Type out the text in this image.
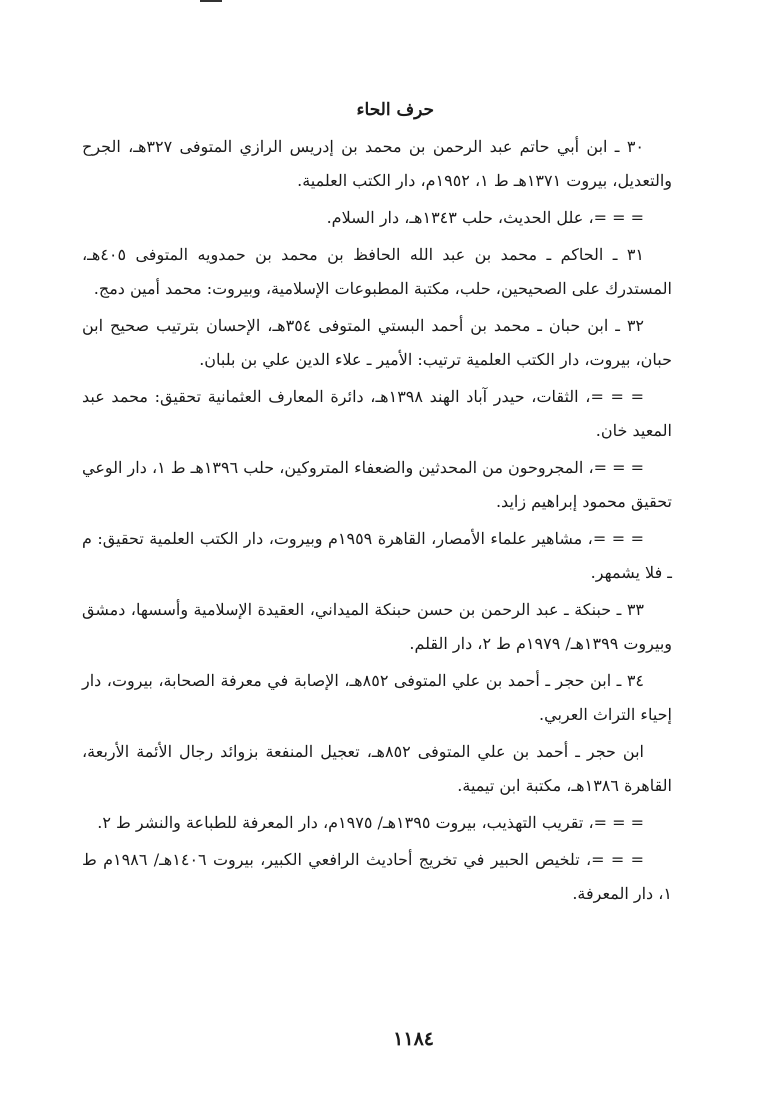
حرف الحاء

٣٠ ـ ابن أبي حاتم عبد الرحمن بن محمد بن إدريس الرازي المتوفى ٣٢٧هـ، الجرح والتعديل، بيروت ١٣٧١هـ ط ١، ١٩٥٢م، دار الكتب العلمية.

= = =، علل الحديث، حلب ١٣٤٣هـ، دار السلام.

٣١ ـ الحاكم ـ محمد بن عبد الله الحافظ بن محمد بن حمدويه المتوفى ٤٠٥هـ، المستدرك على الصحيحين، حلب، مكتبة المطبوعات الإسلامية، وبيروت: محمد أمين دمج.

٣٢ ـ ابن حبان ـ محمد بن أحمد البستي المتوفى ٣٥٤هـ، الإحسان بترتيب صحيح ابن حبان، بيروت، دار الكتب العلمية ترتيب: الأمير ـ علاء الدين علي بن بلبان.

= = =، الثقات، حيدر آباد الهند ١٣٩٨هـ، دائرة المعارف العثمانية تحقيق: محمد عبد المعيد خان.

= = =، المجروحون من المحدثين والضعفاء المتروكين، حلب ١٣٩٦هـ ط ١، دار الوعي تحقيق محمود إبراهيم زايد.

= = =، مشاهير علماء الأمصار، القاهرة ١٩٥٩م وبيروت، دار الكتب العلمية تحقيق: م ـ فلا يشمهر.

٣٣ ـ حبنكة ـ عبد الرحمن بن حسن حبنكة الميداني، العقيدة الإسلامية وأسسها، دمشق وبيروت ١٣٩٩هـ/ ١٩٧٩م ط ٢، دار القلم.

٣٤ ـ ابن حجر ـ أحمد بن علي المتوفى ٨٥٢هـ، الإصابة في معرفة الصحابة، بيروت، دار إحياء التراث العربي.

ابن حجر ـ أحمد بن علي المتوفى ٨٥٢هـ، تعجيل المنفعة بزوائد رجال الأئمة الأربعة، القاهرة ١٣٨٦هـ، مكتبة ابن تيمية.

= = =، تقريب التهذيب، بيروت ١٣٩٥هـ/ ١٩٧٥م، دار المعرفة للطباعة والنشر ط ٢.

= = =، تلخيص الحبير في تخريج أحاديث الرافعي الكبير، بيروت ١٤٠٦هـ/ ١٩٨٦م ط ١، دار المعرفة.

١١٨٤
